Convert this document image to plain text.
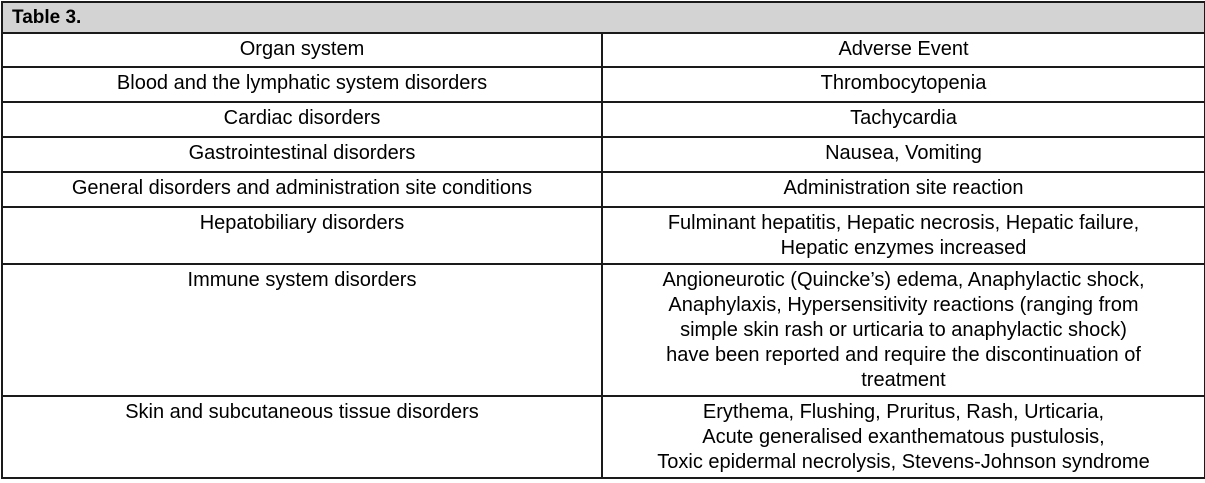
Table 3.	
Organ system	Adverse Event
Blood and the lymphatic system disorders	Thrombocytopenia

Cardiac disorders	Tachycardia

Gastrointestinal disorders	Nausea, Vomiting

General disorders and administration site conditions	Administration site reaction

Hepatobiliary disorders	Fulminant hepatitis, Hepatic necrosis, Hepatic failure,
Hepatic enzymes increased

Immune system disorders	Angioneurotic (Quincke’s) edema, Anaphylactic shock,
Anaphylaxis, Hypersensitivity reactions (ranging from
simple skin rash or urticaria to anaphylactic shock)
have been reported and require the discontinuation of
treatment

Skin and subcutaneous tissue disorders	Erythema, Flushing, Pruritus, Rash, Urticaria,
Acute generalised exanthematous pustulosis,
Toxic epidermal necrolysis, Stevens-Johnson syndrome
